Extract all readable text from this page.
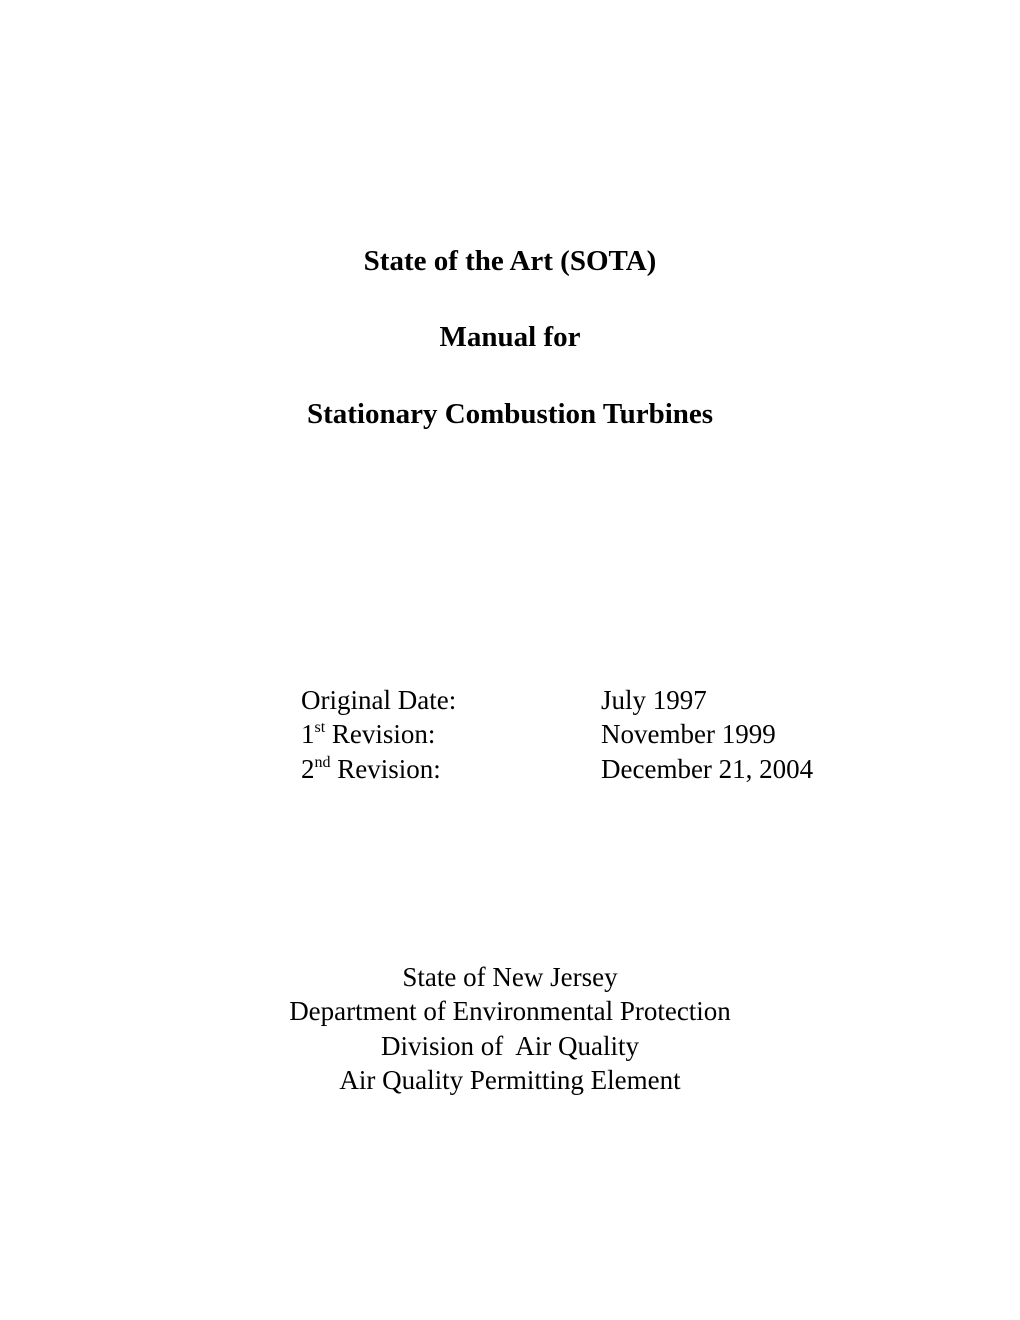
State of the Art (SOTA)
Manual for
Stationary Combustion Turbines
Original Date:	July 1997
1st Revision:	November 1999
2nd Revision:	December 21, 2004
State of New Jersey
Department of Environmental Protection
Division of  Air Quality
Air Quality Permitting Element
